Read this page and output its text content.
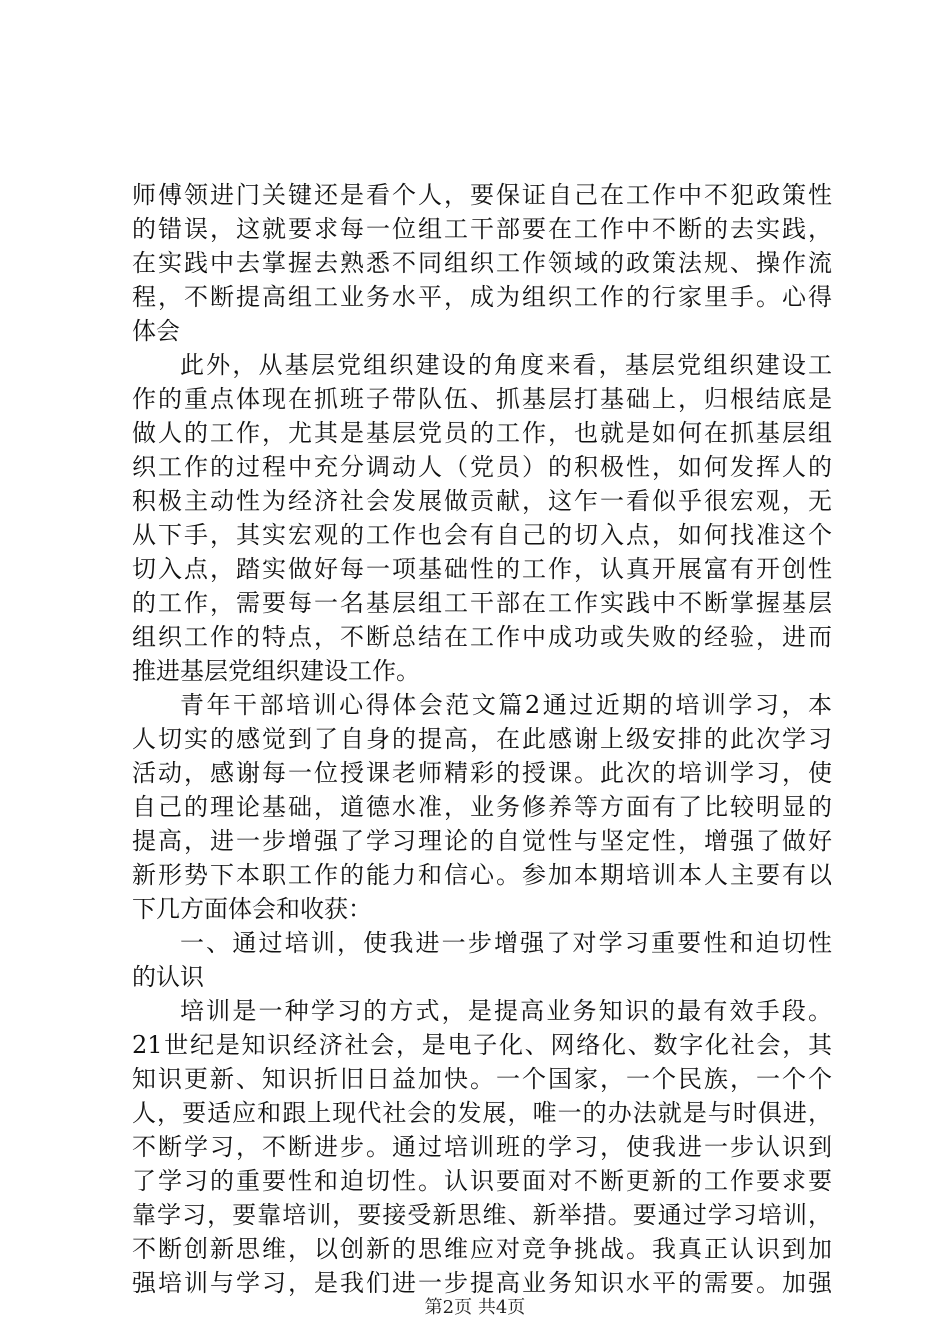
师傅领进门关键还是看个人，要保证自己在工作中不犯政策性
的错误，这就要求每一位组工干部要在工作中不断的去实践，
在实践中去掌握去熟悉不同组织工作领域的政策法规、操作流
程，不断提高组工业务水平，成为组织工作的行家里手。心得
体会
此外，从基层党组织建设的角度来看，基层党组织建设工
作的重点体现在抓班子带队伍、抓基层打基础上，归根结底是
做人的工作，尤其是基层党员的工作，也就是如何在抓基层组
织工作的过程中充分调动人（党员）的积极性，如何发挥人的
积极主动性为经济社会发展做贡献，这乍一看似乎很宏观，无
从下手，其实宏观的工作也会有自己的切入点，如何找准这个
切入点，踏实做好每一项基础性的工作，认真开展富有开创性
的工作，需要每一名基层组工干部在工作实践中不断掌握基层
组织工作的特点，不断总结在工作中成功或失败的经验，进而
推进基层党组织建设工作。
青年干部培训心得体会范文篇2通过近期的培训学习，本
人切实的感觉到了自身的提高，在此感谢上级安排的此次学习
活动，感谢每一位授课老师精彩的授课。此次的培训学习，使
自己的理论基础，道德水准，业务修养等方面有了比较明显的
提高，进一步增强了学习理论的自觉性与坚定性，增强了做好
新形势下本职工作的能力和信心。参加本期培训本人主要有以
下几方面体会和收获：
一、通过培训，使我进一步增强了对学习重要性和迫切性
的认识
培训是一种学习的方式，是提高业务知识的最有效手段。
21世纪是知识经济社会，是电子化、网络化、数字化社会，其
知识更新、知识折旧日益加快。一个国家，一个民族，一个个
人，要适应和跟上现代社会的发展，唯一的办法就是与时俱进，
不断学习，不断进步。通过培训班的学习，使我进一步认识到
了学习的重要性和迫切性。认识要面对不断更新的工作要求要
靠学习，要靠培训，要接受新思维、新举措。要通过学习培训，
不断创新思维，以创新的思维应对竞争挑战。我真正认识到加
强培训与学习，是我们进一步提高业务知识水平的需要。加强
第2页 共4页
